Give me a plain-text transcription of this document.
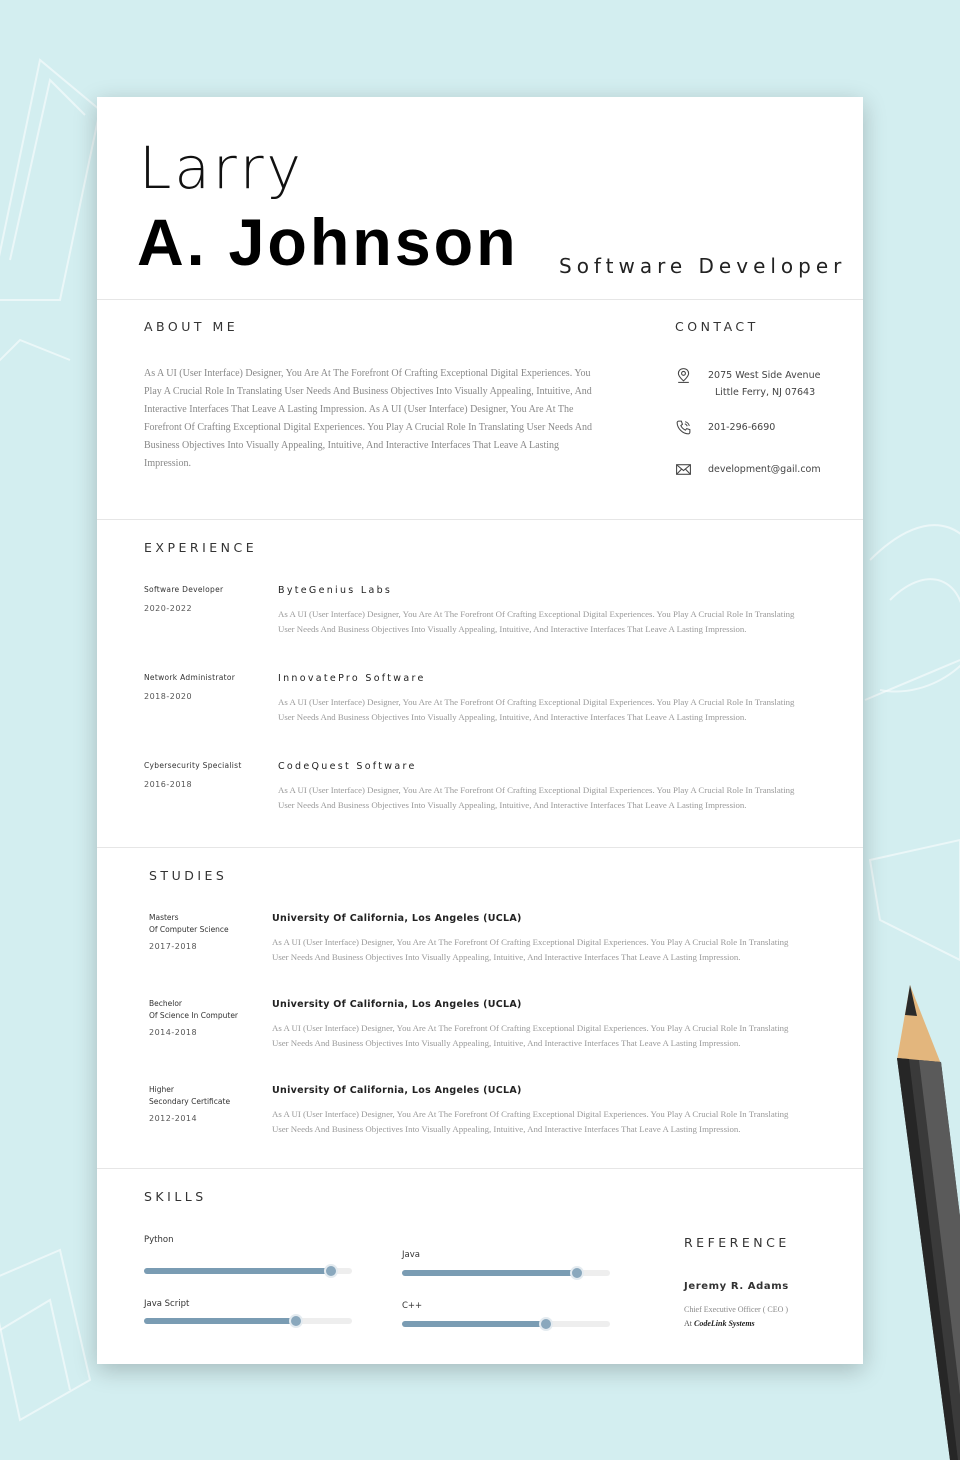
Larry
A. Johnson Software Developer
ABOUT ME
As A UI (User Interface) Designer, You Are At The Forefront Of Crafting Exceptional Digital Experiences. You Play A Crucial Role In Translating User Needs And Business Objectives Into Visually Appealing, Intuitive, And Interactive Interfaces That Leave A Lasting Impression. As A UI (User Interface) Designer, You Are At The Forefront Of Crafting Exceptional Digital Experiences. You Play A Crucial Role In Translating User Needs And Business Objectives Into Visually Appealing, Intuitive, And Interactive Interfaces That Leave A Lasting Impression.
CONTACT
2075 West Side Avenue
Little Ferry, NJ 07643
201-296-6690
development@gail.com
EXPERIENCE
Software Developer
2020-2022
ByteGenius Labs
As A UI (User Interface) Designer, You Are At The Forefront Of Crafting Exceptional Digital Experiences. You Play A Crucial Role In Translating User Needs And Business Objectives Into Visually Appealing, Intuitive, And Interactive Interfaces That Leave A Lasting Impression.
Network Administrator
2018-2020
InnovatePro Software
As A UI (User Interface) Designer, You Are At The Forefront Of Crafting Exceptional Digital Experiences. You Play A Crucial Role In Translating User Needs And Business Objectives Into Visually Appealing, Intuitive, And Interactive Interfaces That Leave A Lasting Impression.
Cybersecurity Specialist
2016-2018
CodeQuest Software
As A UI (User Interface) Designer, You Are At The Forefront Of Crafting Exceptional Digital Experiences. You Play A Crucial Role In Translating User Needs And Business Objectives Into Visually Appealing, Intuitive, And Interactive Interfaces That Leave A Lasting Impression.
STUDIES
Masters
Of Computer Science
2017-2018
University Of California, Los Angeles (UCLA)
As A UI (User Interface) Designer, You Are At The Forefront Of Crafting Exceptional Digital Experiences. You Play A Crucial Role In Translating User Needs And Business Objectives Into Visually Appealing, Intuitive, And Interactive Interfaces That Leave A Lasting Impression.
Bechelor
Of Science In Computer
2014-2018
University Of California, Los Angeles (UCLA)
As A UI (User Interface) Designer, You Are At The Forefront Of Crafting Exceptional Digital Experiences. You Play A Crucial Role In Translating User Needs And Business Objectives Into Visually Appealing, Intuitive, And Interactive Interfaces That Leave A Lasting Impression.
Higher
Secondary Certificate
2012-2014
University Of California, Los Angeles (UCLA)
As A UI (User Interface) Designer, You Are At The Forefront Of Crafting Exceptional Digital Experiences. You Play A Crucial Role In Translating User Needs And Business Objectives Into Visually Appealing, Intuitive, And Interactive Interfaces That Leave A Lasting Impression.
SKILLS
Python
Java
Java Script	C++
REFERENCE
Jeremy R. Adams
Chief Executive Officer ( CEO )
At CodeLink Systems
